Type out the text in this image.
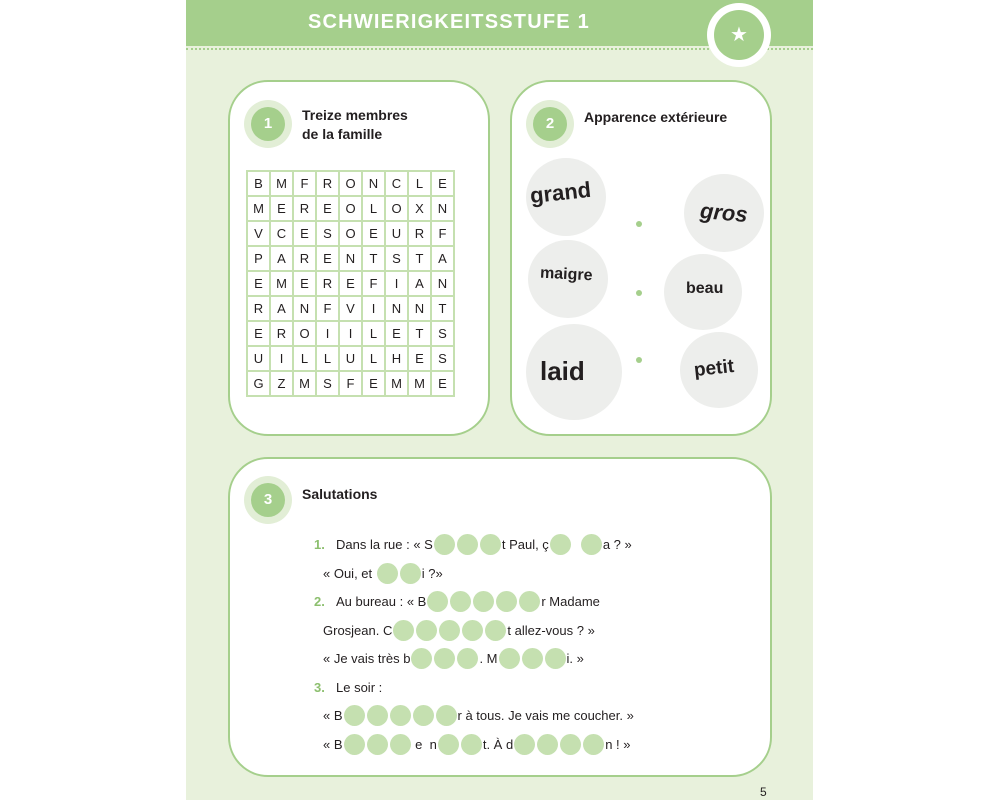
SCHWIERIGKEITSSTUFE 1
★
1	Treize membres
de la famille
B	M	F	R	O	N	C	L	E
M	E	R	E	O	L	O	X	N
V	C	E	S	O	E	U	R	F
P	A	R	E	N	T	S	T	A
E	M	E	R	E	F	I	A	N
R	A	N	F	V	I	N	N	T
E	R	O	I	I	L	E	T	S
U	I	L	L	U	L	H	E	S
G	Z	M	S	F	E	M	M	E
2	Apparence extérieure
grand
gros
maigre
beau
laid	petit
3	Salutations
1. Dans la rue :
« S	t Paul, ç	a ? »
« Oui, et
	i ?»
2. Au bureau :
« B	r Madame
Grosjean. C	t allez-vous ? »
« Je vais très b	. M	i. »
3. Le soir :
« B	r à tous. Je vais me coucher. »
« B
	e
n	t. À d	n ! »
5
